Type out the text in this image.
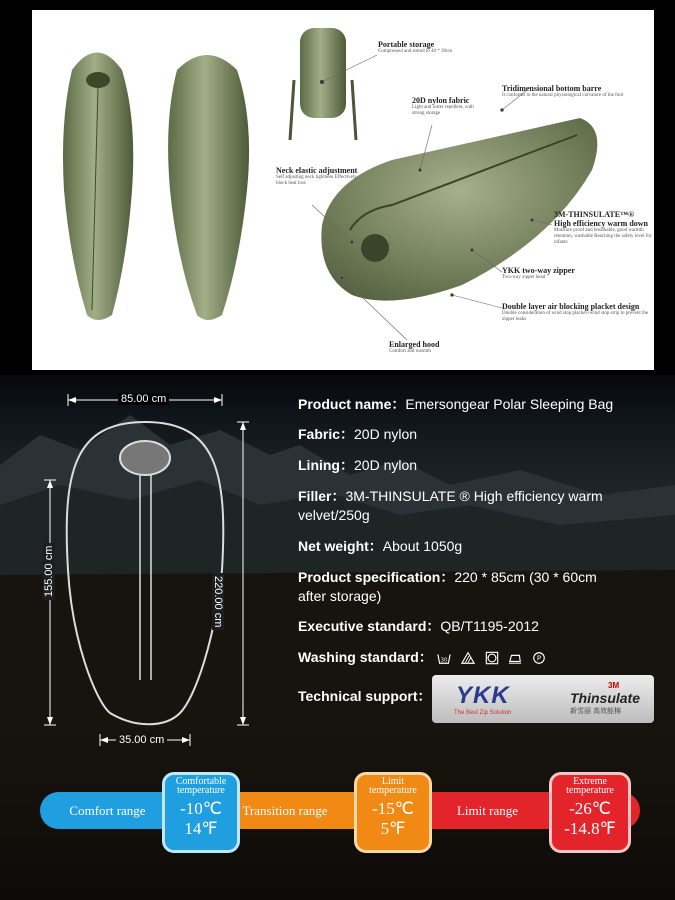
Portable storage
Compressed and stored to 40 * 30cm
Tridimensional bottom barre
It conforms to the natural physiological curvature of the foot
20D nylon fabric
Light and water repellent, with strong storage
Neck elastic adjustment
Self adjusting neck tightness Effectively block heat loss
3M-THINSULATE™®
High efficiency warm down
Moisture proof and breathable, good warmth retention, washable Reaching the safety level for infants
YKK two-way zipper
Two-way zipper head
Double layer air blocking placket design
Double consideration of wind stop placket+wind stop strip to prevent the zipper leaks
Enlarged hood
Comfort and warmth
85.00 cm
220.00 cm
155.00 cm
35.00 cm
Product name：Emersongear Polar Sleeping Bag
Fabric：20D nylon
Lining：20D nylon
Filler：3M-THINSULATE ® High efficiency warm velvet/250g
Net weight：About 1050g
Product specification：220 * 85cm (30 * 60cm after storage)
Executive standard：QB/T1195-2012
Washing standard： 30
	P
Technical support： YKK
The Best Zip Solution
3M
Thinsulate
新雪丽 高效能棉
Comfort range	Transition range	Limit range
Comfortable temperature
-10℃
14℉
Limit temperature
-15℃
5℉
Extreme temperature
-26℃
-14.8℉
